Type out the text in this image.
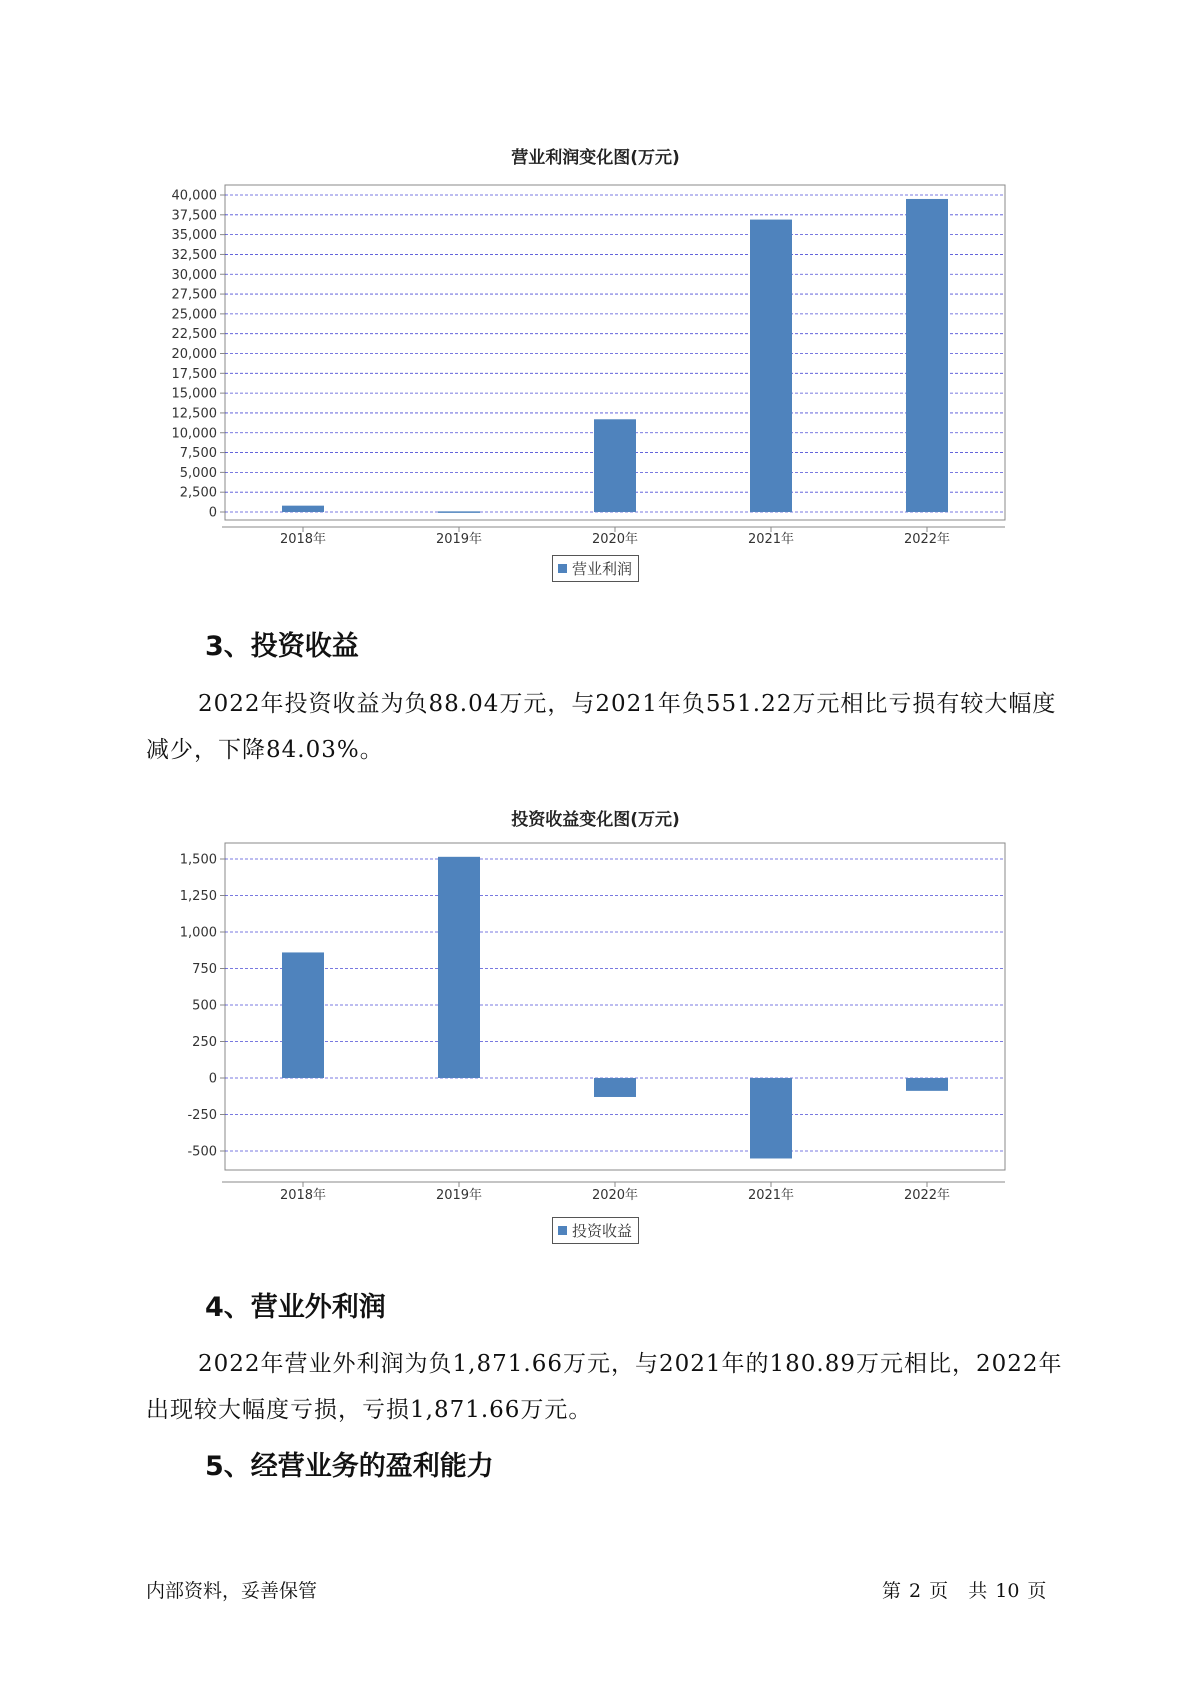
营业利润变化图(万元)
40,000
37,500
35,000
32,500
30,000
27,500
25,000
22,500
20,000
17,500
15,000
12,500
10,000
7,500
5,000
2,500
0
2018年	2019年	2020年	2021年	2022年
营业利润
3、投资收益
2022年投资收益为负88.04万元，与2021年负551.22万元相比亏损有较大幅度减少，下降84.03%。
投资收益变化图(万元)
1,500
1,250
1,000
750
500
250
0
-250
-500
2018年	2019年	2020年	2021年	2022年
投资收益
4、营业外利润
2022年营业外利润为负1,871.66万元，与2021年的180.89万元相比，2022年出现较大幅度亏损，亏损1,871.66万元。
5、经营业务的盈利能力
内部资料，妥善保管	第 2 页 共 10 页
